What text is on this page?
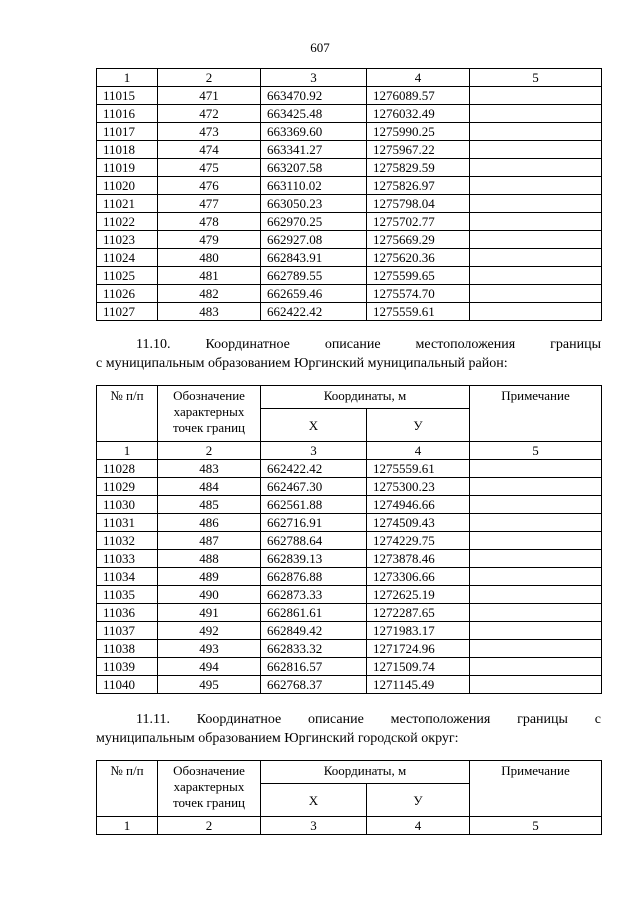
607
1	2	3	4	5
11015	471	663470.92	1276089.57	
11016	472	663425.48	1276032.49	
11017	473	663369.60	1275990.25	
11018	474	663341.27	1275967.22	
11019	475	663207.58	1275829.59	
11020	476	663110.02	1275826.97	
11021	477	663050.23	1275798.04	
11022	478	662970.25	1275702.77	
11023	479	662927.08	1275669.29	
11024	480	662843.91	1275620.36	
11025	481	662789.55	1275599.65	
11026	482	662659.46	1275574.70	
11027	483	662422.42	1275559.61	
11.10. Координатное описание местоположения границы
с муниципальным образованием Юргинский муниципальный район:
№ п/п	Обозначение характерных точек границ	Координаты, м		Примечание
		Х	У	
1	2	3	4	5
11028	483	662422.42	1275559.61	
11029	484	662467.30	1275300.23	
11030	485	662561.88	1274946.66	
11031	486	662716.91	1274509.43	
11032	487	662788.64	1274229.75	
11033	488	662839.13	1273878.46	
11034	489	662876.88	1273306.66	
11035	490	662873.33	1272625.19	
11036	491	662861.61	1272287.65	
11037	492	662849.42	1271983.17	
11038	493	662833.32	1271724.96	
11039	494	662816.57	1271509.74	
11040	495	662768.37	1271145.49	
11.11. Координатное описание местоположения границы с
муниципальным образованием Юргинский городской округ:
№ п/п	Обозначение характерных точек границ	Координаты, м		Примечание
		Х	У	
1	2	3	4	5
